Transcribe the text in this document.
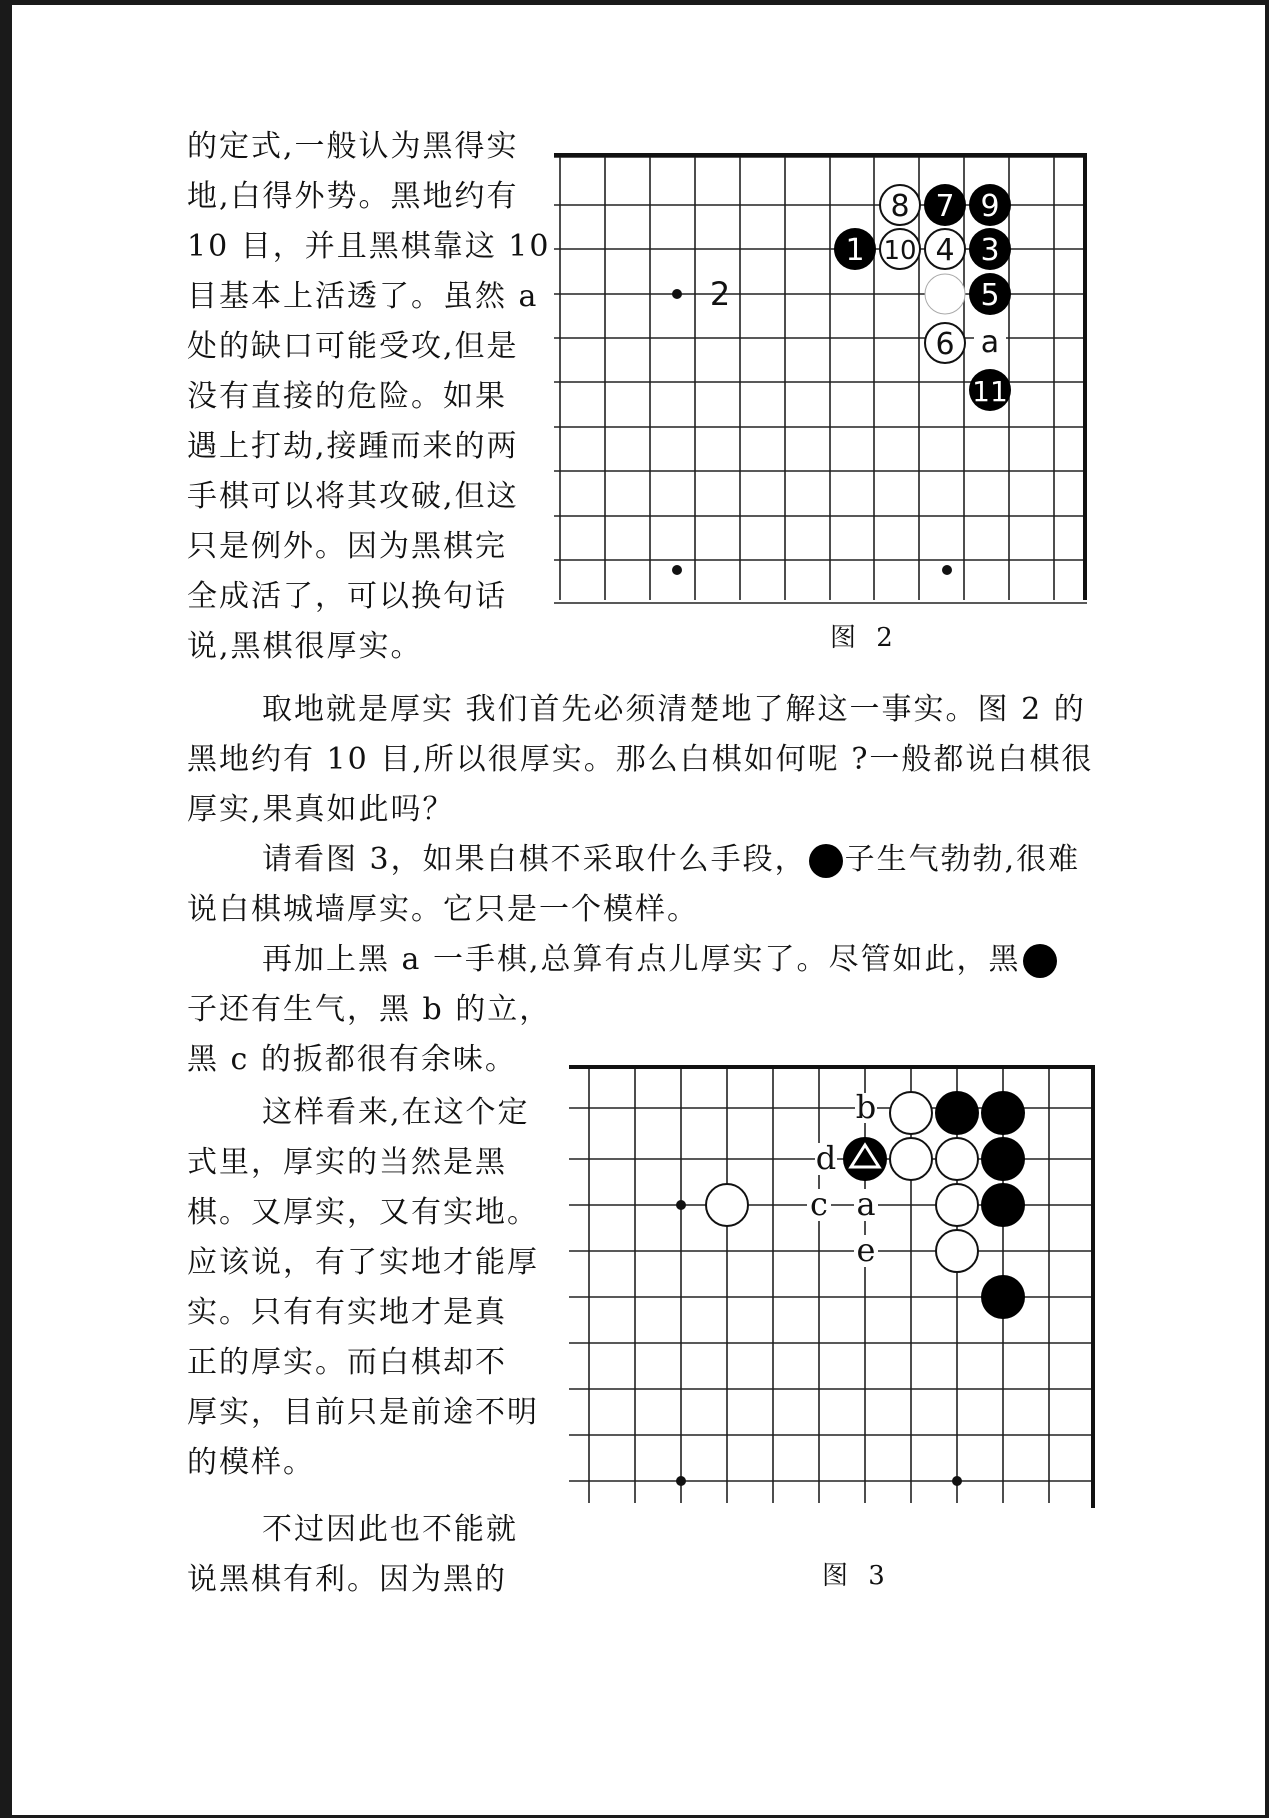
的定式,一般认为黑得实

地,白得外势。黑地约有

10 目，并且黑棋靠这 10

目基本上活透了。虽然 a

处的缺口可能受攻,但是

没有直接的危险。如果

遇上打劫,接踵而来的两

手棋可以将其攻破,但这

只是例外。因为黑棋完

全成活了，可以换句话

说,黑棋很厚实。

8 7 9
1 10 4 3
2	5
6 a
11

图 2

取地就是厚实 我们首先必须清楚地了解这一事实。图 2 的

黑地约有 10 目,所以很厚实。那么白棋如何呢 ?一般都说白棋很

厚实,果真如此吗？

请看图 3，如果白棋不采取什么手段， 子生气勃勃,很难

说白棋城墙厚实。它只是一个模样。

再加上黑 a 一手棋,总算有点儿厚实了。尽管如此，黑

子还有生气，黑 b 的立，

黑 c 的扳都很有余味。

这样看来,在这个定

式里，厚实的当然是黑

棋。又厚实，又有实地。

应该说，有了实地才能厚

实。只有有实地才是真

正的厚实。而白棋却不

厚实，目前只是前途不明

的模样。

不过因此也不能就

说黑棋有利。因为黑的

b
d
c a
e

图 3
